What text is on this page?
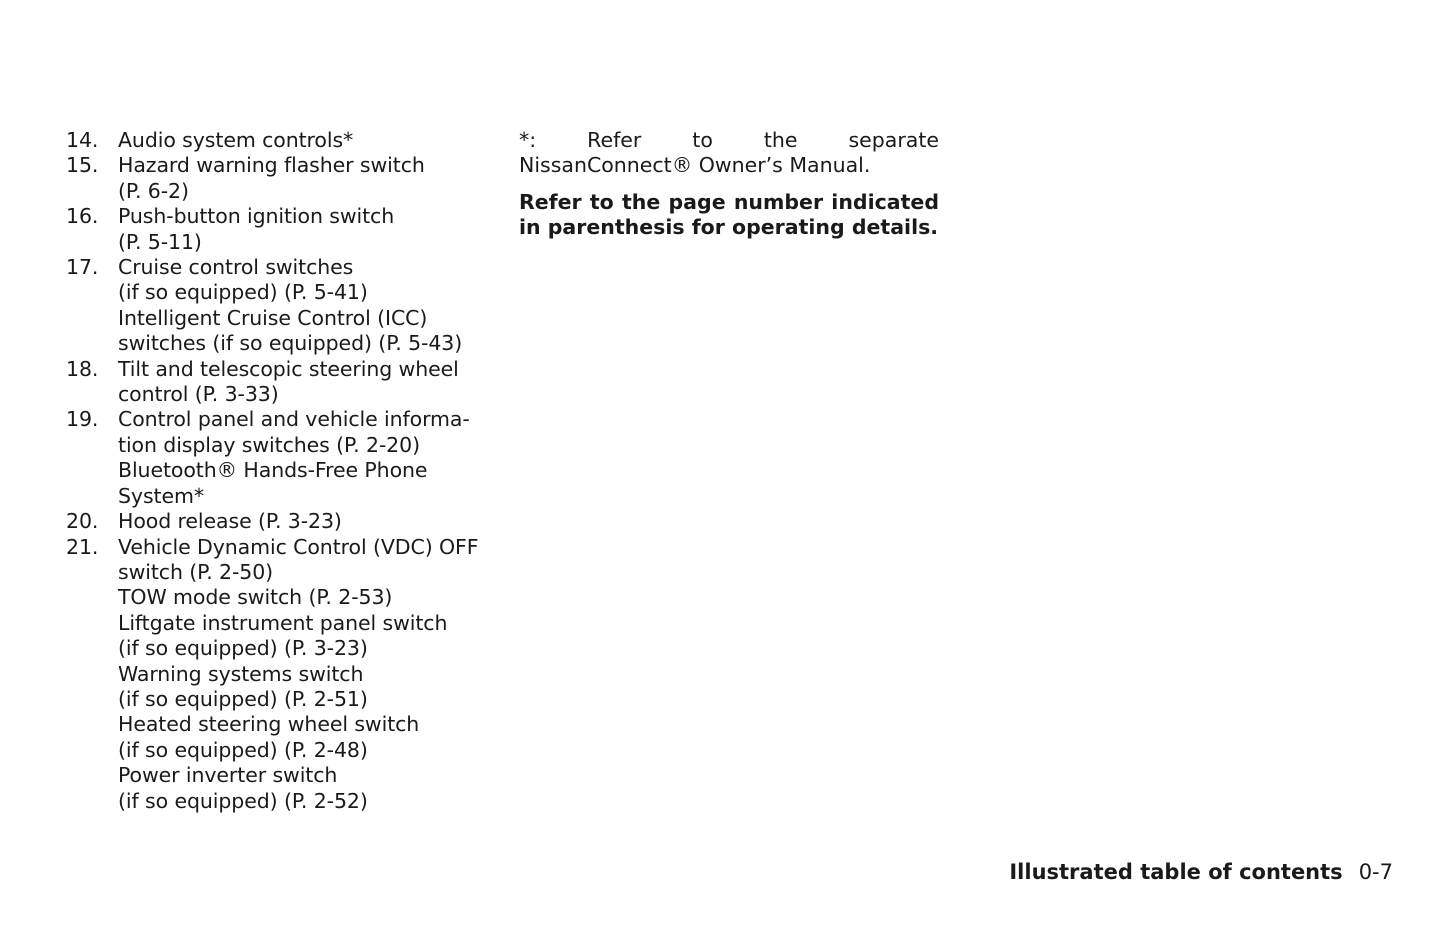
14. Audio system controls*
15. Hazard warning flasher switch
(P. 6-2)
16. Push-button ignition switch
(P. 5-11)
17. Cruise control switches
(if so equipped) (P. 5-41)
Intelligent Cruise Control (ICC)
switches (if so equipped) (P. 5-43)
18. Tilt and telescopic steering wheel
control (P. 3-33)
19. Control panel and vehicle informa-
tion display switches (P. 2-20)
Bluetooth® Hands-Free Phone
System*
20. Hood release (P. 3-23)
21. Vehicle Dynamic Control (VDC) OFF
switch (P. 2-50)
TOW mode switch (P. 2-53)
Liftgate instrument panel switch
(if so equipped) (P. 3-23)
Warning systems switch
(if so equipped) (P. 2-51)
Heated steering wheel switch
(if so equipped) (P. 2-48)
Power inverter switch
(if so equipped) (P. 2-52)

*: Refer to the separate NissanConnect® Owner’s Manual.

Refer to the page number indicated in parenthesis for operating details.

Illustrated table of contents 0-7
